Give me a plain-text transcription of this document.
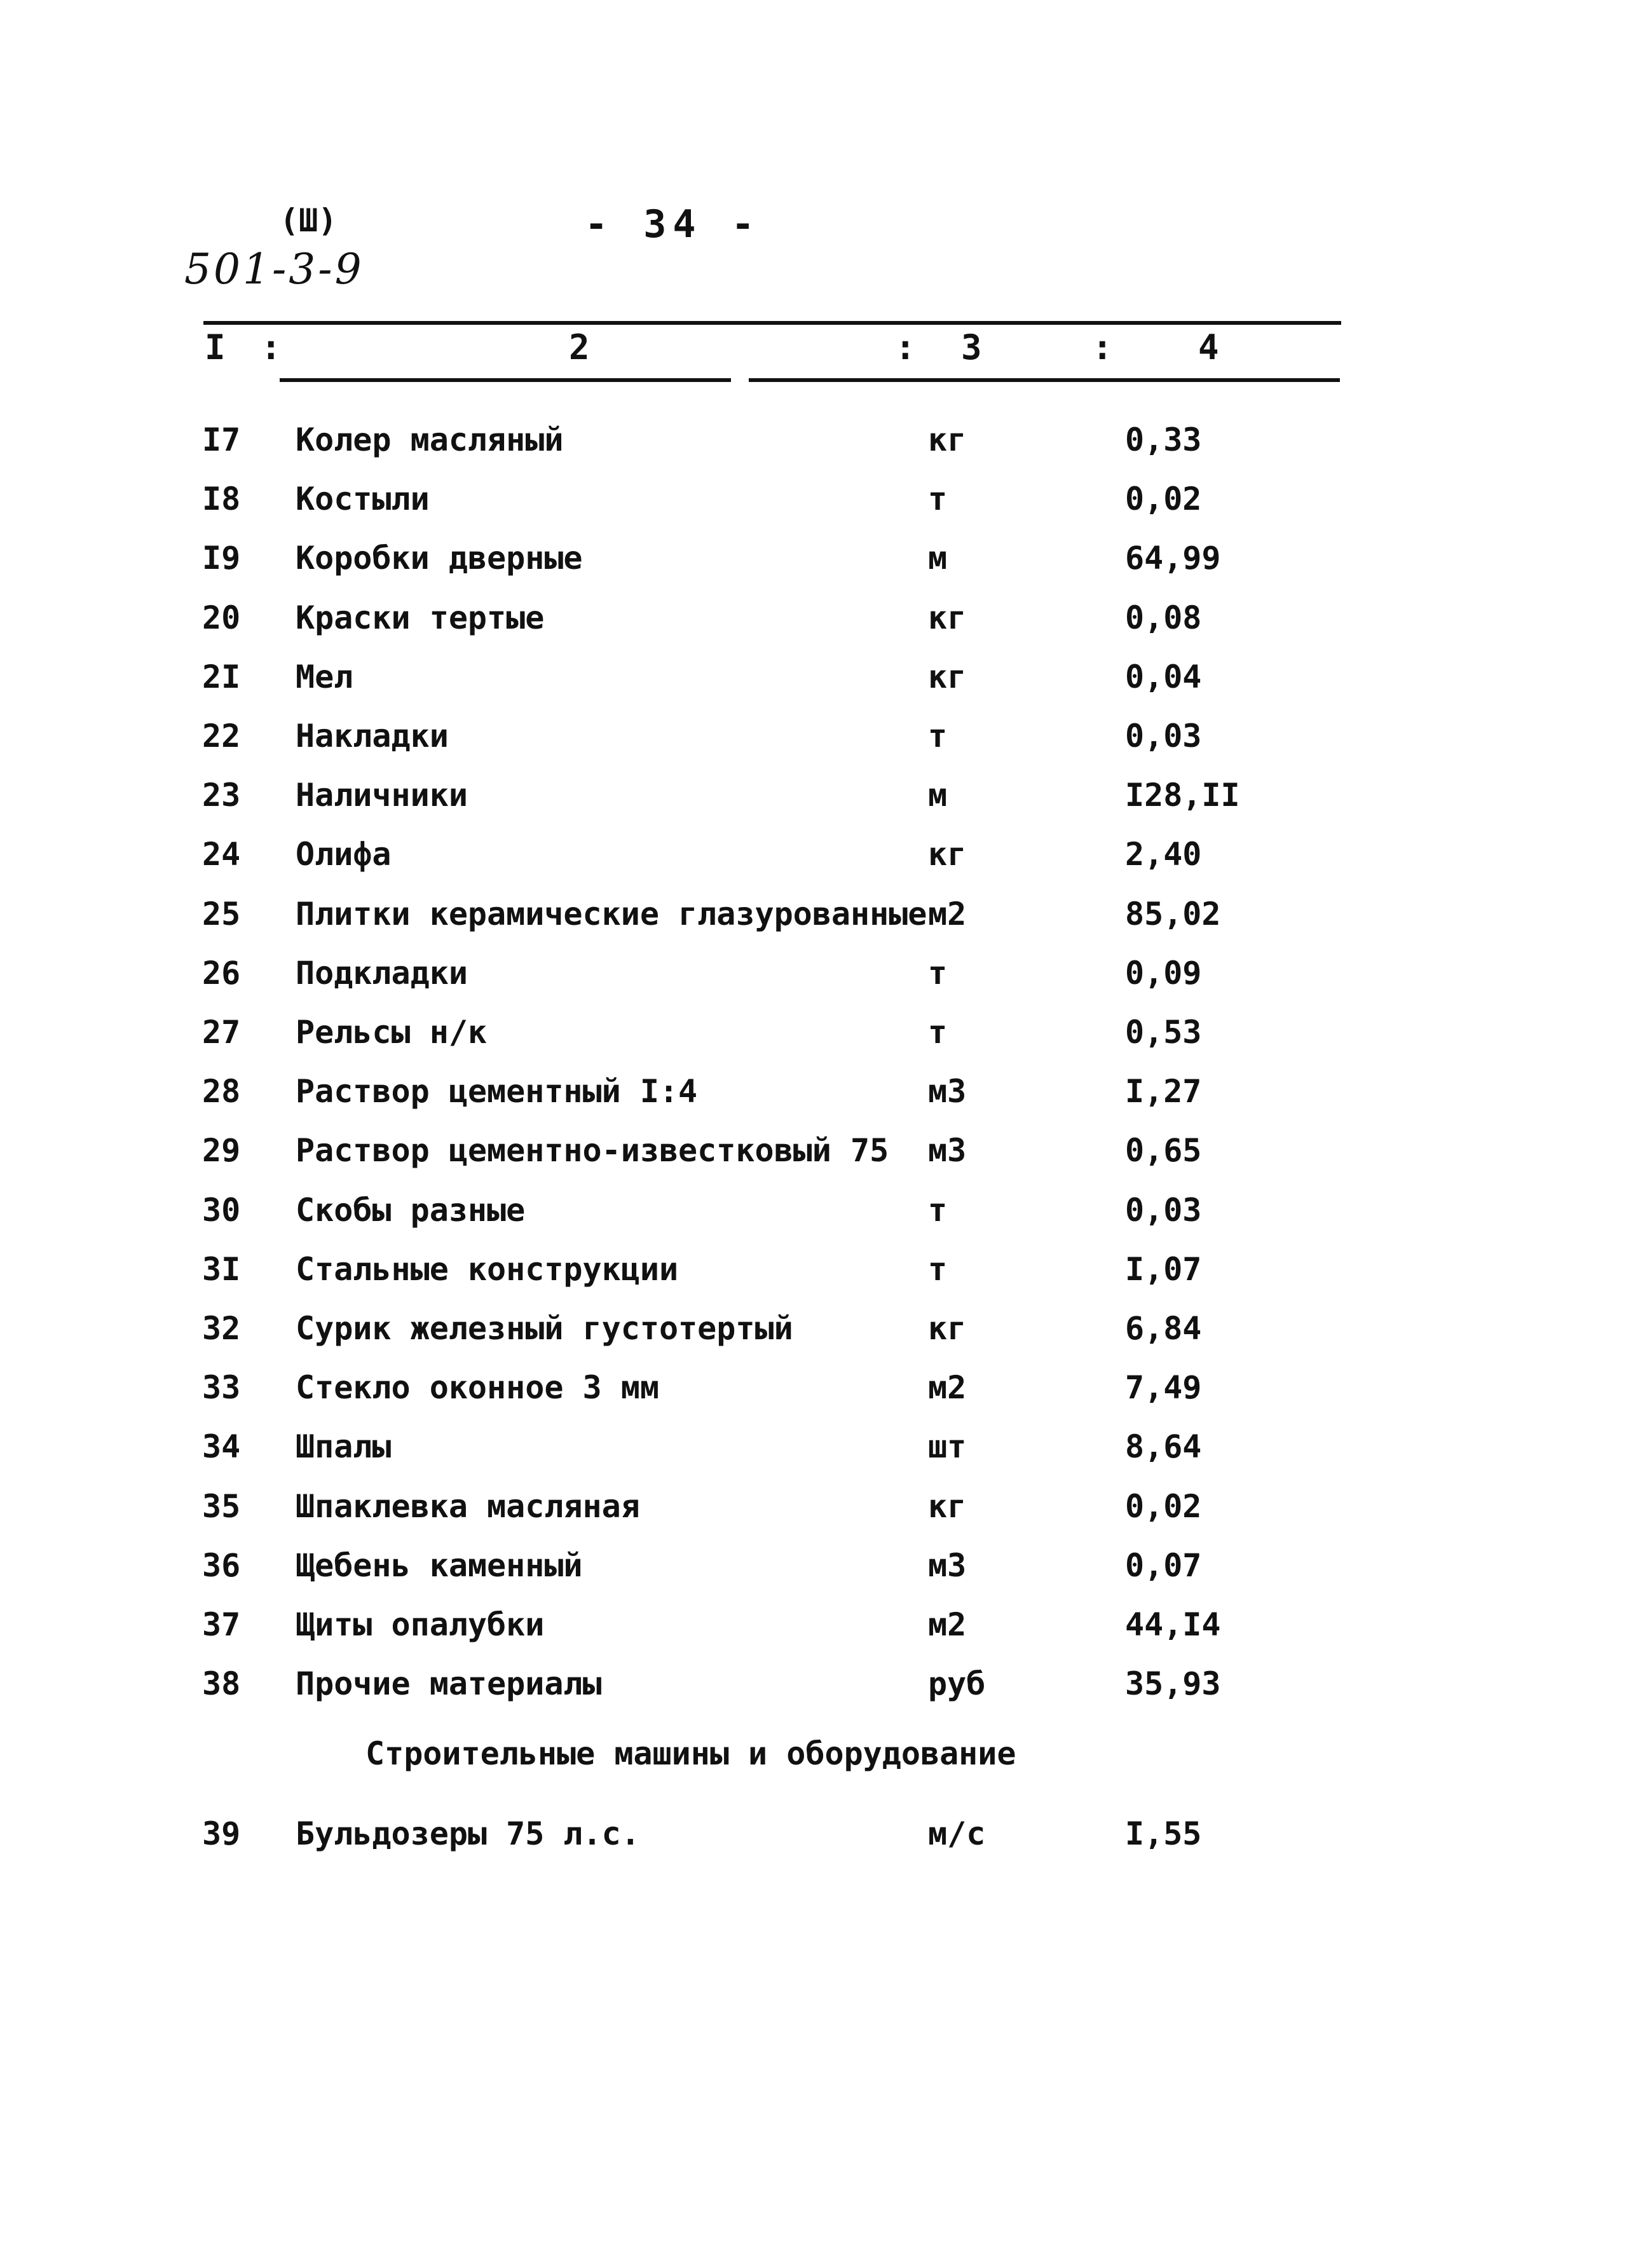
(Ш)
501-3-9
- 34 -
I :	2	: 3	: 4
I7	Колер масляный	кг	0,33
I8	Костыли	т	0,02
I9	Коробки дверные	м	64,99
20	Краски тертые	кг	0,08
2I	Мел	кг	0,04
22	Накладки	т	0,03
23	Наличники	м	I28,II
24	Олифа	кг	2,40
25	Плитки керамические глазурованные м2	85,02
26	Подкладки	т	0,09
27	Рельсы н/к	т	0,53
28	Раствор цементный I:4	м3	I,27
29	Раствор цементно-известковый 75	м3	0,65
30	Скобы разные	т	0,03
3I	Стальные конструкции	т	I,07
32	Сурик железный густотертый	кг	6,84
33	Стекло оконное 3 мм	м2	7,49
34	Шпалы	шт	8,64
35	Шпаклевка масляная	кг	0,02
36	Щебень каменный	м3	0,07
37	Щиты опалубки	м2	44,I4
38	Прочие материалы	руб	35,93
Строительные машины и оборудование
39	Бульдозеры 75 л.с.	м/с	I,55
